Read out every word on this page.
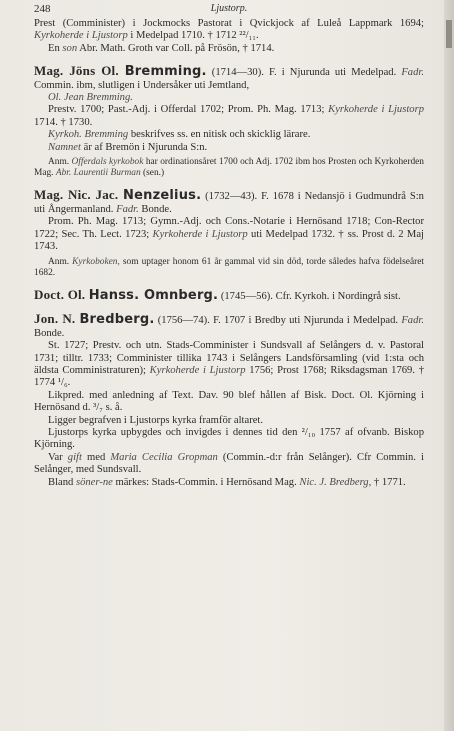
248	Ljustorp.

Prest (Comminister) i Jockmocks Pastorat i Qvickjock af Luleå Lappmark 1694; Kyrkoherde i Ljustorp i Medelpad 1710. † 1712 ²²/₁₁.

En son Abr. Math. Groth var Coll. på Frösön, † 1714.

Mag. Jöns Ol. Bremming. (1714—30). F. i Njurunda uti Medelpad. Fadr. Commin. ibm, slutligen i Undersåker uti Jemtland,

Ol. Jean Bremming.

Prestv. 1700; Past.-Adj. i Offerdal 1702; Prom. Ph. Mag. 1713; Kyrkoherde i Ljustorp 1714. † 1730.

Kyrkoh. Bremming beskrifves ss. en nitisk och skicklig lärare.

Namnet är af Bremön i Njurunda S:n.

Anm. Offerdals kyrkobok har ordinationsåret 1700 och Adj. 1702 ibm hos Prosten och Kyrkoherden Mag. Abr. Laurentii Burman (sen.)

Mag. Nic. Jac. Nenzelius. (1732—43). F. 1678 i Nedansjö i Gudmundrå S:n uti Ångermanland. Fadr. Bonde.

Prom. Ph. Mag. 1713; Gymn.-Adj. och Cons.-Notarie i Hernösand 1718; Con-Rector 1722; Sec. Th. Lect. 1723; Kyrkoherde i Ljustorp uti Medelpad 1732. † ss. Prost d. 2 Maj 1743.

Anm. Kyrkoboken, som uptager honom 61 år gammal vid sin död, torde således hafva födelseåret 1682.

Doct. Ol. Hanss. Omnberg. (1745—56). Cfr. Kyrkoh. i Nordingrå sist.

Jon. N. Bredberg. (1756—74). F. 1707 i Bredby uti Njurunda i Medelpad. Fadr. Bonde.

St. 1727; Prestv. och utn. Stads-Comminister i Sundsvall af Selångers d. v. Pastoral 1731; tilltr. 1733; Comminister tillika 1743 i Selångers Landsförsamling (vid 1:sta och äldsta Comministraturen); Kyrkoherde i Ljustorp 1756; Prost 1768; Riksdagsman 1769. † 1774 ¹/₆.

Likpred. med anledning af Text. Dav. 90 blef hållen af Bisk. Doct. Ol. Kjörning i Hernösand d. ³/₇ s. å.

Ligger begrafven i Ljustorps kyrka framför altaret.

Ljustorps kyrka upbygdes och invigdes i dennes tid den ²/₁₀ 1757 af ofvanb. Biskop Kjörning.

Var gift med Maria Cecilia Gropman (Commin.-d:r från Selånger). Cfr Commin. i Selånger, med Sundsvall.

Bland söner-ne märkes: Stads-Commin. i Hernösand Mag. Nic. J. Bredberg, † 1771.
